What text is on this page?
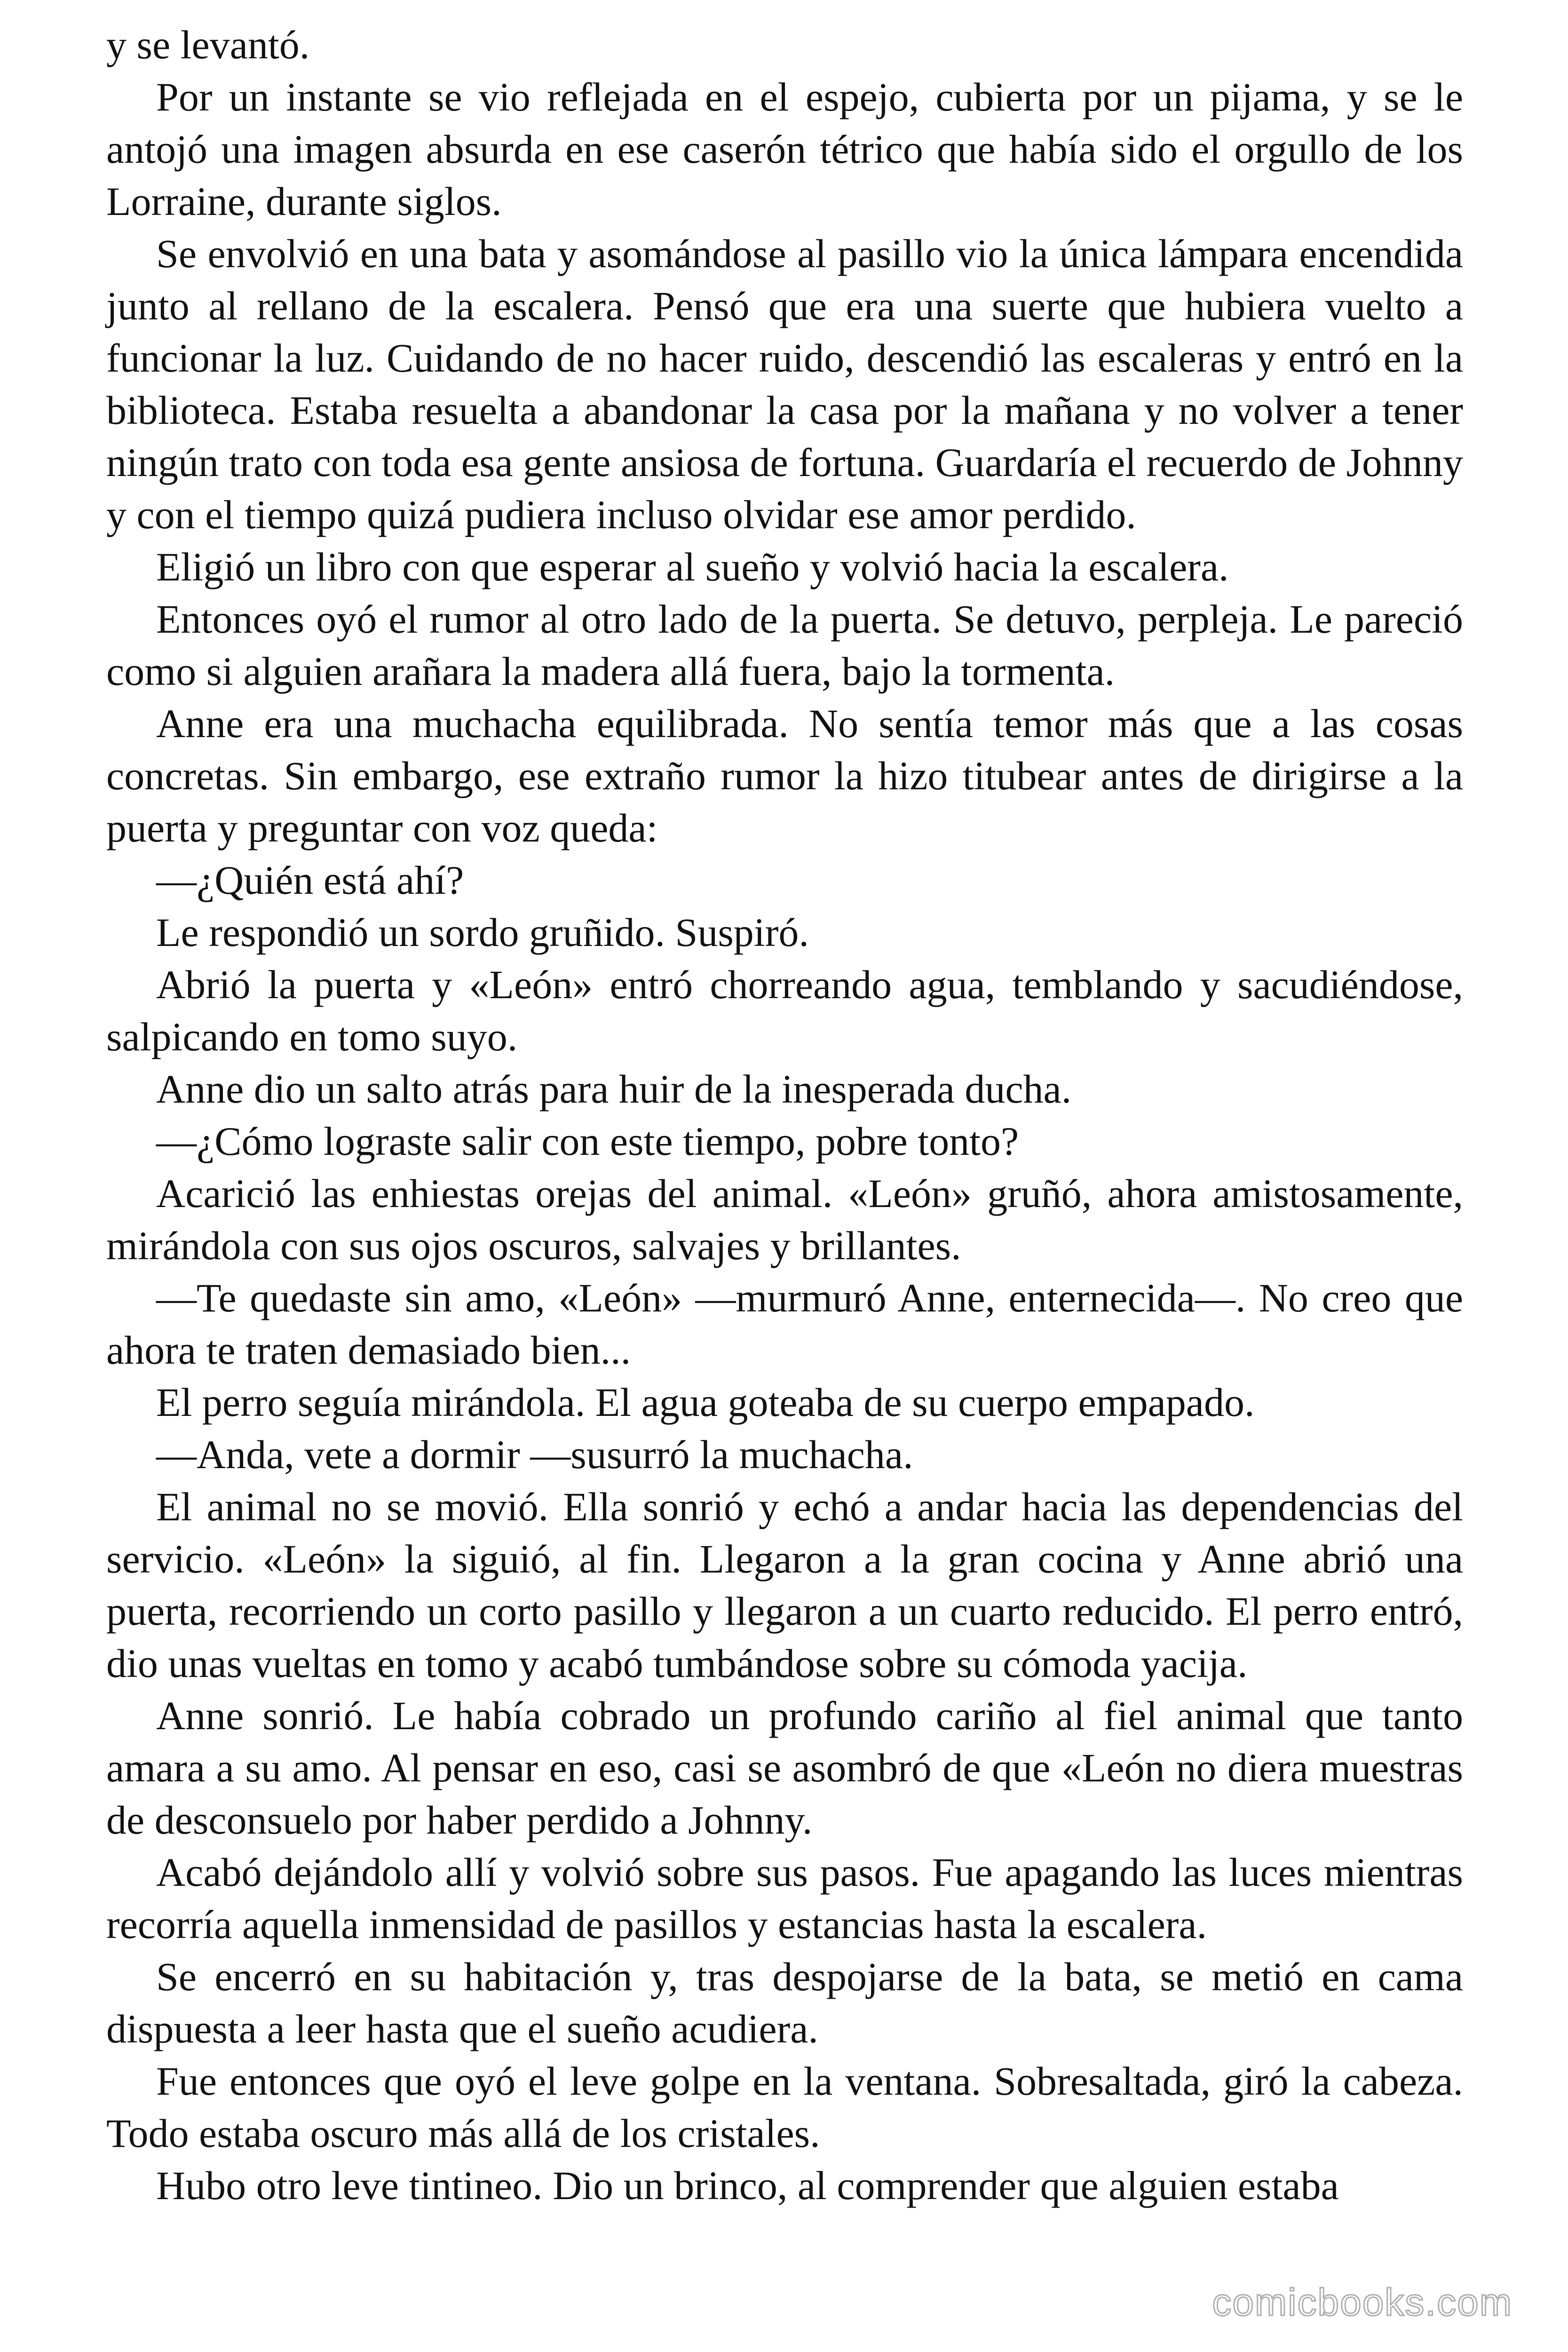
y se levantó.

Por un instante se vio reflejada en el espejo, cubierta por un pijama, y se le antojó una imagen absurda en ese caserón tétrico que había sido el orgullo de los Lorraine, durante siglos.

Se envolvió en una bata y asomándose al pasillo vio la única lámpara encendida junto al rellano de la escalera. Pensó que era una suerte que hubiera vuelto a funcionar la luz. Cuidando de no hacer ruido, descendió las escaleras y entró en la biblioteca. Estaba resuelta a abandonar la casa por la mañana y no volver a tener ningún trato con toda esa gente ansiosa de fortuna. Guardaría el recuerdo de Johnny y con el tiempo quizá pudiera incluso olvidar ese amor perdido.

Eligió un libro con que esperar al sueño y volvió hacia la escalera.

Entonces oyó el rumor al otro lado de la puerta. Se detuvo, perpleja. Le pareció como si alguien arañara la madera allá fuera, bajo la tormenta.

Anne era una muchacha equilibrada. No sentía temor más que a las cosas concretas. Sin embargo, ese extraño rumor la hizo titubear antes de dirigirse a la puerta y preguntar con voz queda:

—¿Quién está ahí?

Le respondió un sordo gruñido. Suspiró.

Abrió la puerta y «León» entró chorreando agua, temblando y sacudiéndose, salpicando en tomo suyo.

Anne dio un salto atrás para huir de la inesperada ducha.

—¿Cómo lograste salir con este tiempo, pobre tonto?

Acarició las enhiestas orejas del animal. «León» gruñó, ahora amistosamente, mirándola con sus ojos oscuros, salvajes y brillantes.

—Te quedaste sin amo, «León» —murmuró Anne, enternecida—. No creo que ahora te traten demasiado bien...

El perro seguía mirándola. El agua goteaba de su cuerpo empapado.

—Anda, vete a dormir —susurró la muchacha.

El animal no se movió. Ella sonrió y echó a andar hacia las dependencias del servicio. «León» la siguió, al fin. Llegaron a la gran cocina y Anne abrió una puerta, recorriendo un corto pasillo y llegaron a un cuarto reducido. El perro entró, dio unas vueltas en tomo y acabó tumbándose sobre su cómoda yacija.

Anne sonrió. Le había cobrado un profundo cariño al fiel animal que tanto amara a su amo. Al pensar en eso, casi se asombró de que «León no diera muestras de desconsuelo por haber perdido a Johnny.

Acabó dejándolo allí y volvió sobre sus pasos. Fue apagando las luces mientras recorría aquella inmensidad de pasillos y estancias hasta la escalera.

Se encerró en su habitación y, tras despojarse de la bata, se metió en cama dispuesta a leer hasta que el sueño acudiera.

Fue entonces que oyó el leve golpe en la ventana. Sobresaltada, giró la cabeza. Todo estaba oscuro más allá de los cristales.

Hubo otro leve tintineo. Dio un brinco, al comprender que alguien estaba

comicbooks.com
